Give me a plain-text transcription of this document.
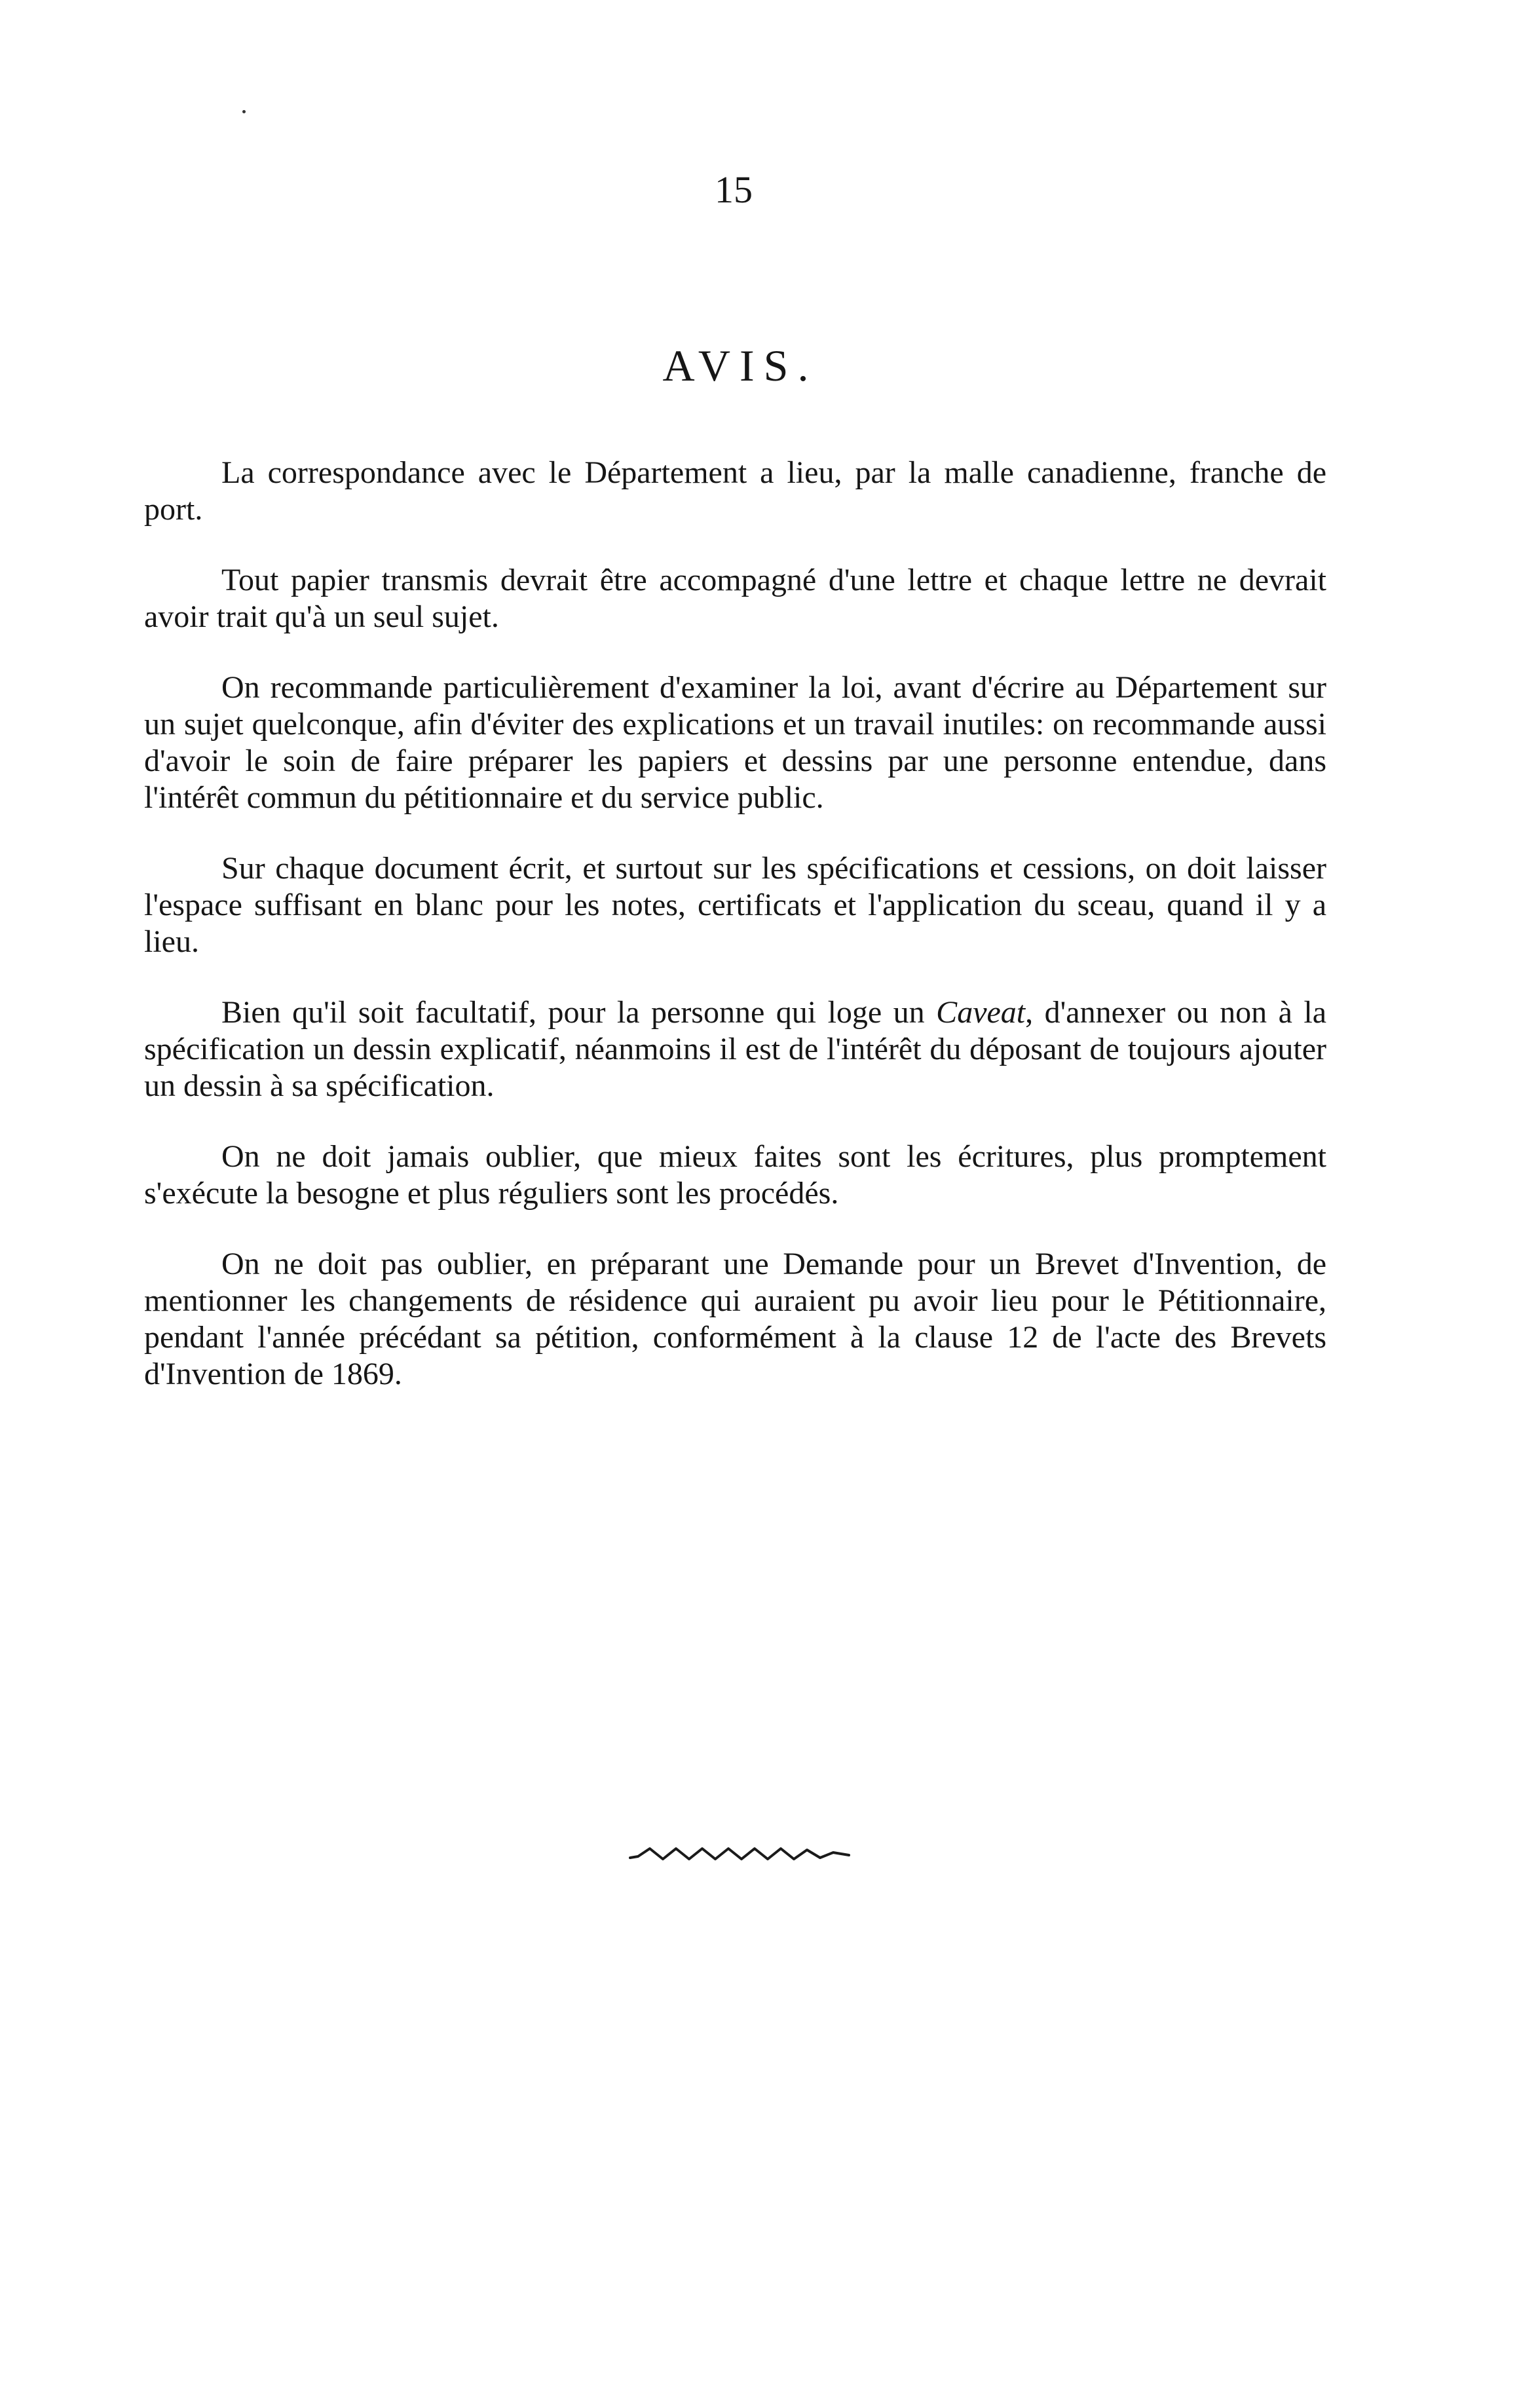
15
AVIS.

La correspondance avec le Département a lieu, par la malle canadienne, franche de port.

Tout papier transmis devrait être accompagné d'une lettre et chaque lettre ne devrait avoir trait qu'à un seul sujet.

On recommande particulièrement d'examiner la loi, avant d'écrire au Département sur un sujet quelconque, afin d'éviter des explications et un travail inutiles: on recommande aussi d'avoir le soin de faire préparer les papiers et dessins par une personne entendue, dans l'intérêt commun du pétitionnaire et du service public.

Sur chaque document écrit, et surtout sur les spécifications et cessions, on doit laisser l'espace suffisant en blanc pour les notes, certificats et l'application du sceau, quand il y a lieu.

Bien qu'il soit facultatif, pour la personne qui loge un Caveat, d'annexer ou non à la spécification un dessin explicatif, néanmoins il est de l'intérêt du déposant de toujours ajouter un dessin à sa spécification.

On ne doit jamais oublier, que mieux faites sont les écritures, plus promptement s'exécute la besogne et plus réguliers sont les procédés.

On ne doit pas oublier, en préparant une Demande pour un Brevet d'Invention, de mentionner les changements de résidence qui auraient pu avoir lieu pour le Pétitionnaire, pendant l'année précédant sa pétition, conformément à la clause 12 de l'acte des Brevets d'Invention de 1869.
